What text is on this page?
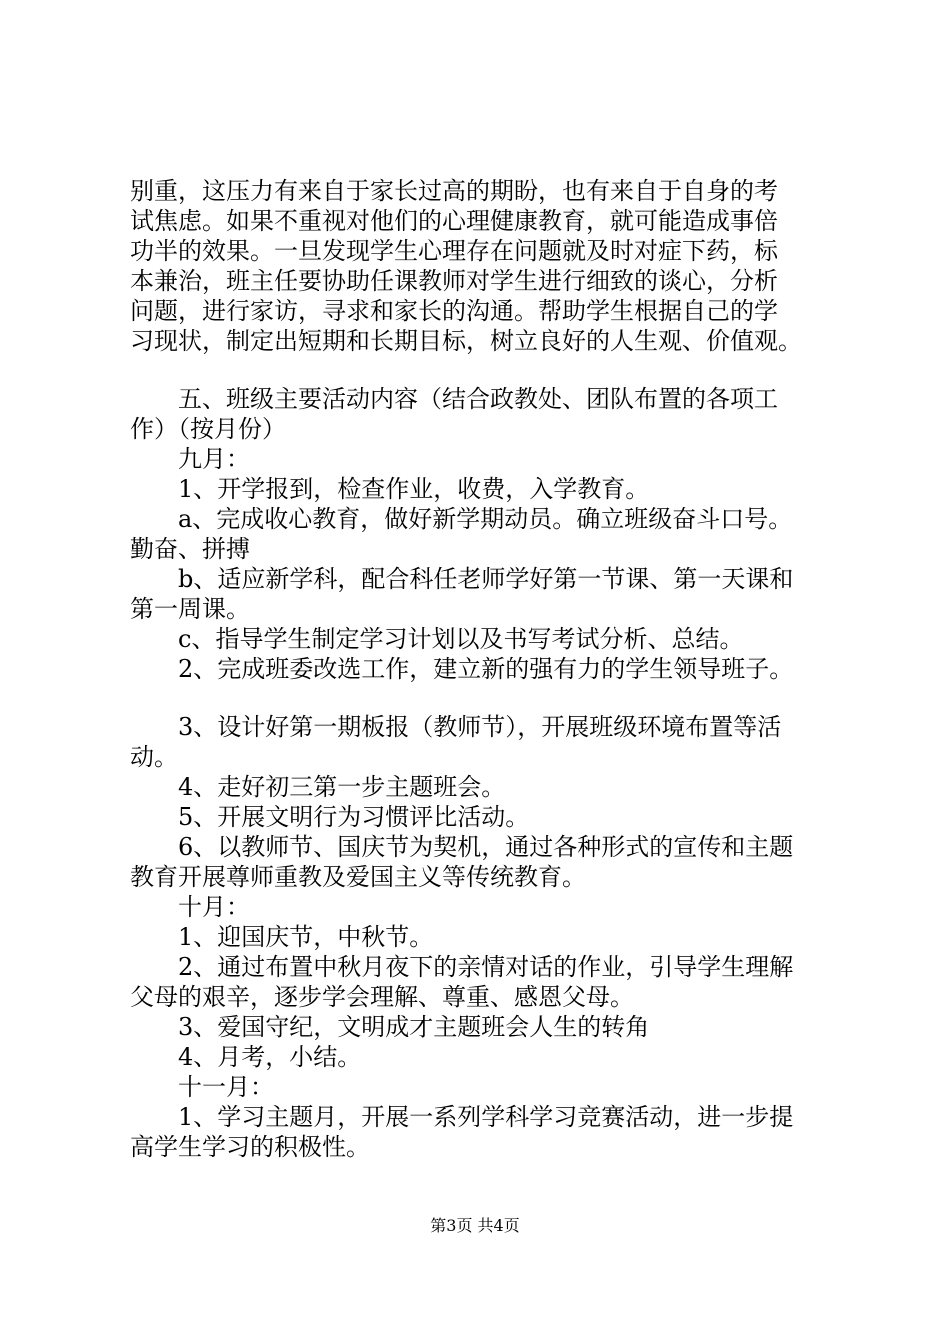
别重，这压力有来自于家长过高的期盼，也有来自于自身的考
试焦虑。如果不重视对他们的心理健康教育，就可能造成事倍
功半的效果。一旦发现学生心理存在问题就及时对症下药，标
本兼治，班主任要协助任课教师对学生进行细致的谈心，分析
问题，进行家访，寻求和家长的沟通。帮助学生根据自己的学
习现状，制定出短期和长期目标，树立良好的人生观、价值观。
五、班级主要活动内容（结合政教处、团队布置的各项工
作）（按月份）
九月：
1、开学报到，检查作业，收费，入学教育。
a、完成收心教育，做好新学期动员。确立班级奋斗口号。
勤奋、拼搏
b、适应新学科，配合科任老师学好第一节课、第一天课和
第一周课。
c、指导学生制定学习计划以及书写考试分析、总结。
2、完成班委改选工作，建立新的强有力的学生领导班子。
3、设计好第一期板报（教师节），开展班级环境布置等活
动。
4、走好初三第一步主题班会。
5、开展文明行为习惯评比活动。
6、以教师节、国庆节为契机，通过各种形式的宣传和主题
教育开展尊师重教及爱国主义等传统教育。
十月：
1、迎国庆节，中秋节。
2、通过布置中秋月夜下的亲情对话的作业，引导学生理解
父母的艰辛，逐步学会理解、尊重、感恩父母。
3、爱国守纪，文明成才主题班会人生的转角
4、月考，小结。
十一月：
1、学习主题月，开展一系列学科学习竞赛活动，进一步提
高学生学习的积极性。
第3页 共4页
